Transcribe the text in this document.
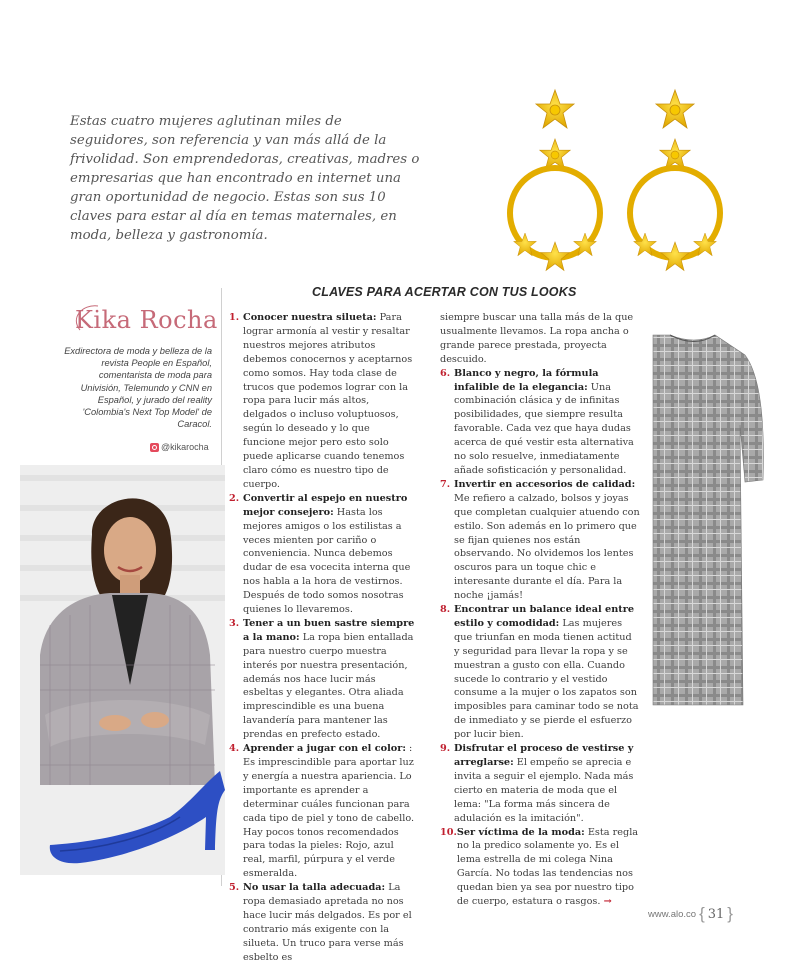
Estas cuatro mujeres aglutinan miles de seguidores, son referencia y van más allá de la frivolidad. Son emprendedoras, creativas, madres o empresarias que han encontrado en internet una gran oportunidad de negocio. Estas son sus 10 claves para estar al día en temas maternales, en moda, belleza y gastronomía.

CLAVES PARA ACERTAR CON TUS LOOKS

Kika Rocha

Exdirectora de moda y belleza de la revista People en Español, comentarista de moda para Univisión, Telemundo y CNN en Español, y jurado del reality 'Colombia's Next Top Model' de Caracol.

@kikarocha
1. Conocer nuestra silueta: Para lograr armonía al vestir y resaltar nuestros mejores atributos debemos conocernos y aceptarnos como somos. Hay toda clase de trucos que podemos lograr con la ropa para lucir más altos, delgados o incluso voluptuosos, según lo deseado y lo que funcione mejor pero esto solo puede aplicarse cuando tenemos claro cómo es nuestro tipo de cuerpo.
2. Convertir al espejo en nuestro mejor consejero: Hasta los mejores amigos o los estilistas a veces mienten por cariño o conveniencia. Nunca debemos dudar de esa vocecita interna que nos habla a la hora de vestirnos. Después de todo somos nosotras quienes lo llevaremos.
3. Tener a un buen sastre siempre a la mano: La ropa bien entallada para nuestro cuerpo muestra interés por nuestra presentación, además nos hace lucir más esbeltas y elegantes. Otra aliada imprescindible es una buena lavandería para mantener las prendas en prefecto estado.
4. Aprender a jugar con el color: : Es imprescindible para aportar luz y energía a nuestra apariencia. Lo importante es aprender a determinar cuáles funcionan para cada tipo de piel y tono de cabello. Hay pocos tonos recomendados para todas la pieles: Rojo, azul real, marfil, púrpura y el verde esmeralda.
5. No usar la talla adecuada: La ropa demasiado apretada no nos hace lucir más delgados. Es por el contrario más exigente con la silueta. Un truco para verse más esbelto es

siempre buscar una talla más de la que usualmente llevamos. La ropa ancha o grande parece prestada, proyecta descuido.

6. Blanco y negro, la fórmula infalible de la elegancia: Una combinación clásica y de infinitas posibilidades, que siempre resulta favorable. Cada vez que haya dudas acerca de qué vestir esta alternativa no solo resuelve, inmediatamente añade sofisticación y personalidad.
7. Invertir en accesorios de calidad: Me refiero a calzado, bolsos y joyas que completan cualquier atuendo con estilo. Son además en lo primero que se fijan quienes nos están observando. No olvidemos los lentes oscuros para un toque chic e interesante durante el día. Para la noche ¡jamás!
8. Encontrar un balance ideal entre estilo y comodidad: Las mujeres que triunfan en moda tienen actitud y seguridad para llevar la ropa y se muestran a gusto con ella. Cuando sucede lo contrario y el vestido consume a la mujer o los zapatos son imposibles para caminar todo se nota de inmediato y se pierde el esfuerzo por lucir bien.
9. Disfrutar el proceso de vestirse y arreglarse: El empeño se aprecia e invita a seguir el ejemplo. Nada más cierto en materia de moda que el lema: "La forma más sincera de adulación es la imitación".
10. Ser víctima de la moda: Esta regla no la predico solamente yo. Es el lema estrella de mi colega Nina García. No todas las tendencias nos quedan bien ya sea por nuestro tipo de cuerpo, estatura o rasgos. →
www.alo.co { 31 }
